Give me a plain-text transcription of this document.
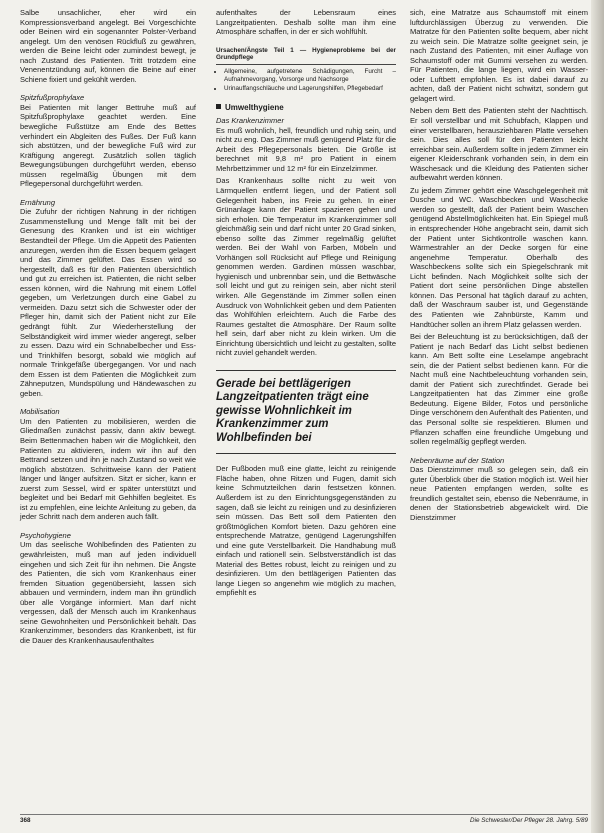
Salbe unsachlicher, eher wird ein Kompressionsverband angelegt. Bei Vorgeschichte oder Beinen wird ein sogenannter Polster-Verband angelegt. Um den venösen Rückfluß zu gewähren, werden die Beine leicht oder zumindest bewegt, je nach Zustand des Patienten. Tritt trotzdem eine Venenentzündung auf, können die Beine auf einer Schiene fixiert und gekühlt werden.

Spitzfußprophylaxe

Bei Patienten mit langer Bettruhe muß auf Spitzfußprophylaxe geachtet werden. Eine bewegliche Fußstütze am Ende des Bettes verhindert ein Abgleiten des Fußes. Der Fuß kann sich abstützen, und der bewegliche Fuß wird zur Kräftigung angeregt. Zusätzlich sollen täglich Bewegungsübungen durchgeführt werden, ebenso müssen regelmäßig Übungen mit dem Pflegepersonal durchgeführt werden.

Ernährung

Die Zufuhr der richtigen Nahrung in der richtigen Zusammenstellung und Menge fällt mit bei der Genesung des Kranken und ist ein wichtiger Bestandteil der Pflege. Um die Appetit des Patienten anzuregen, werden ihm die Essen bequem gelagert und das Zimmer gelüftet. Das Essen wird so hergestellt, daß es für den Patienten übersichtlich und gut zu erreichen ist. Patienten, die nicht selber essen können, wird die Nahrung mit einem Löffel gegeben, um Verletzungen durch eine Gabel zu vermeiden. Dazu setzt sich die Schwester oder der Pfleger hin, damit sich der Patient nicht zur Eile gedrängt fühlt. Zur Wiederherstellung der Selbständigkeit wird immer wieder angeregt, selber zu essen. Dazu wird ein Schnabelbecher und Ess- und Trinkhilfen besorgt, sobald wie möglich auf normale Trinkgefäße übergegangen. Vor und nach dem Essen ist dem Patienten die Möglichkeit zum Zähneputzen, Mundspülung und Händewaschen zu geben.

Mobilisation

Um den Patienten zu mobilisieren, werden die Gliedmaßen zunächst passiv, dann aktiv bewegt. Beim Bettenmachen haben wir die Möglichkeit, den Patienten zu aktivieren, indem wir ihn auf den Bettrand setzen und ihn je nach Zustand so weit wie möglich abstützen. Schrittweise kann der Patient länger und länger aufsitzen. Sitzt er sicher, kann er zuerst zum Sessel, wird er später unterstützt und begleitet und bei Bedarf mit Gehhilfen begleitet. Es ist zu empfehlen, eine leichte Anleitung zu geben, da jeder Schritt nach dem anderen auch fällt.

Psychohygiene

Um das seelische Wohlbefinden des Patienten zu gewährleisten, muß man auf jeden individuell eingehen und sich Zeit für ihn nehmen. Die Ängste des Patienten, die sich vom Krankenhaus einer fremden Situation gegenübersieht, lassen sich abbauen und vermindern, indem man ihn gründlich über alle Vorgänge informiert. Man darf nicht vergessen, daß der Mensch auch im Krankenhaus seine Gewohnheiten und Persönlichkeit behält. Das Krankenzimmer, besonders das Krankenbett, ist für die Dauer des Krankenhausaufenthaltes

aufenthaltes der Lebensraum eines Langzeitpatienten. Deshalb sollte man ihm eine Atmosphäre schaffen, in der er sich wohlfühlt.

Ursachen/Ängste Teil 1 — Hygieneprobleme bei der Grundpflege
• Allgemeine, aufgetretene Schädigungen, Furcht – Aufnahmevorgang, Vorsorge und Nachsorge
• Urinauffangschläuche und Lagerungshilfen, Pflegebedarf

Umwelthygiene

Das Krankenzimmer

Es muß wohnlich, hell, freundlich und ruhig sein, und nicht zu eng. Das Zimmer muß genügend Platz für die Arbeit des Pflegepersonals bieten. Die Größe ist berechnet mit 9,8 m² pro Patient in einem Mehrbettzimmer und 12 m² für ein Einzelzimmer.

Das Krankenhaus sollte nicht zu weit von Lärmquellen entfernt liegen, und der Patient soll Gelegenheit haben, ins Freie zu gehen. In einer Grünanlage kann der Patient spazieren gehen und sich erholen. Die Temperatur im Krankenzimmer soll gleichmäßig sein und darf nicht unter 20 Grad sinken, ebenso sollte das Zimmer regelmäßig gelüftet werden. Bei der Wahl von Farben, Möbeln und Vorhängen soll Rücksicht auf Pflege und Reinigung genommen werden. Gardinen müssen waschbar, hygienisch und unbrennbar sein, und die Bettwäsche soll leicht und gut zu reinigen sein, aber nicht steril wirken. Alle Gegenstände im Zimmer sollen einen Ausdruck von Wohnlichkeit geben und dem Patienten das Wohlfühlen erleichtern. Auch die Farbe des Raumes gestaltet die Atmosphäre. Der Raum sollte hell sein, darf aber nicht zu klein wirken. Um die Einrichtung übersichtlich und leicht zu gestalten, sollte nicht zuviel gehandelt werden.

Gerade bei bettlägerigen Langzeitpatienten trägt eine gewisse Wohnlichkeit im Krankenzimmer zum Wohlbefinden bei

Der Fußboden muß eine glatte, leicht zu reinigende Fläche haben, ohne Ritzen und Fugen, damit sich keine Schmutzteilchen darin festsetzen können. Außerdem ist zu den Einrichtungsgegenständen zu sagen, daß sie leicht zu reinigen und zu desinfizieren sein müssen. Das Bett soll dem Patienten den größtmöglichen Komfort bieten. Dazu gehören eine entsprechende Matratze, genügend Lagerungshilfen und eine gute Verstellbarkeit. Die Handhabung muß einfach und rationell sein. Selbstverständlich ist das Material des Bettes robust, leicht zu reinigen und zu desinfizieren. Um den bettlägerigen Patienten das lange Liegen so angenehm wie möglich zu machen, empfiehlt es

sich, eine Matratze aus Schaumstoff mit einem luftdurchlässigen Überzug zu verwenden. Die Matratze für den Patienten sollte bequem, aber nicht zu weich sein. Die Matratze sollte geeignet sein, je nach Zustand des Patienten, mit einer Auflage von Schaumstoff oder mit Gummi versehen zu werden. Für Patienten, die lange liegen, wird ein Wasser- oder Luftbett empfohlen. Es ist dabei darauf zu achten, daß der Patient nicht schwitzt, sondern gut gelagert wird.

Neben dem Bett des Patienten steht der Nachttisch. Er soll verstellbar und mit Schubfach, Klappen und einer verstellbaren, herausziehbaren Platte versehen sein. Dies alles soll für den Patienten leicht erreichbar sein. Außerdem sollte in jedem Zimmer ein eigener Kleiderschrank vorhanden sein, in dem ein Wäschesack und die Kleidung des Patienten sicher aufbewahrt werden können.

Zu jedem Zimmer gehört eine Waschgelegenheit mit Dusche und WC. Waschbecken und Waschecke werden so gestellt, daß der Patient beim Waschen genügend Abstellmöglichkeiten hat. Ein Spiegel muß in entsprechender Höhe angebracht sein, damit sich der Patient unter Sichtkontrolle waschen kann. Wärmestrahler an der Decke sorgen für eine angenehme Temperatur. Oberhalb des Waschbeckens sollte sich ein Spiegelschrank mit Licht befinden. Nach Möglichkeit sollte sich der Patient dort seine persönlichen Dinge abstellen können. Das Personal hat täglich darauf zu achten, daß der Waschraum sauber ist, und Gegenstände des Patienten wie Zahnbürste, Kamm und Handtücher sollen an ihrem Platz gelassen werden.

Bei der Beleuchtung ist zu berücksichtigen, daß der Patient je nach Bedarf das Licht selbst bedienen kann. Am Bett sollte eine Leselampe angebracht sein, die der Patient selbst bedienen kann. Für die Nacht muß eine Nachtbeleuchtung vorhanden sein, damit der Patient sich zurechtfindet. Gerade bei Langzeitpatienten hat das Zimmer eine große Bedeutung. Eigene Bilder, Fotos und persönliche Dinge verschönern den Aufenthalt des Patienten, und das Personal sollte sie respektieren. Blumen und Pflanzen schaffen eine freundliche Umgebung und sollen regelmäßig gepflegt werden.

Nebenräume auf der Station

Das Dienstzimmer muß so gelegen sein, daß ein guter Überblick über die Station möglich ist. Weil hier neue Patienten empfangen werden, sollte es freundlich gestaltet sein, ebenso die Nebenräume, in denen der Stationsbetrieb abgewickelt wird. Die Dienstzimmer

368	Die Schwester/Der Pfleger 28. Jahrg. 5/89
